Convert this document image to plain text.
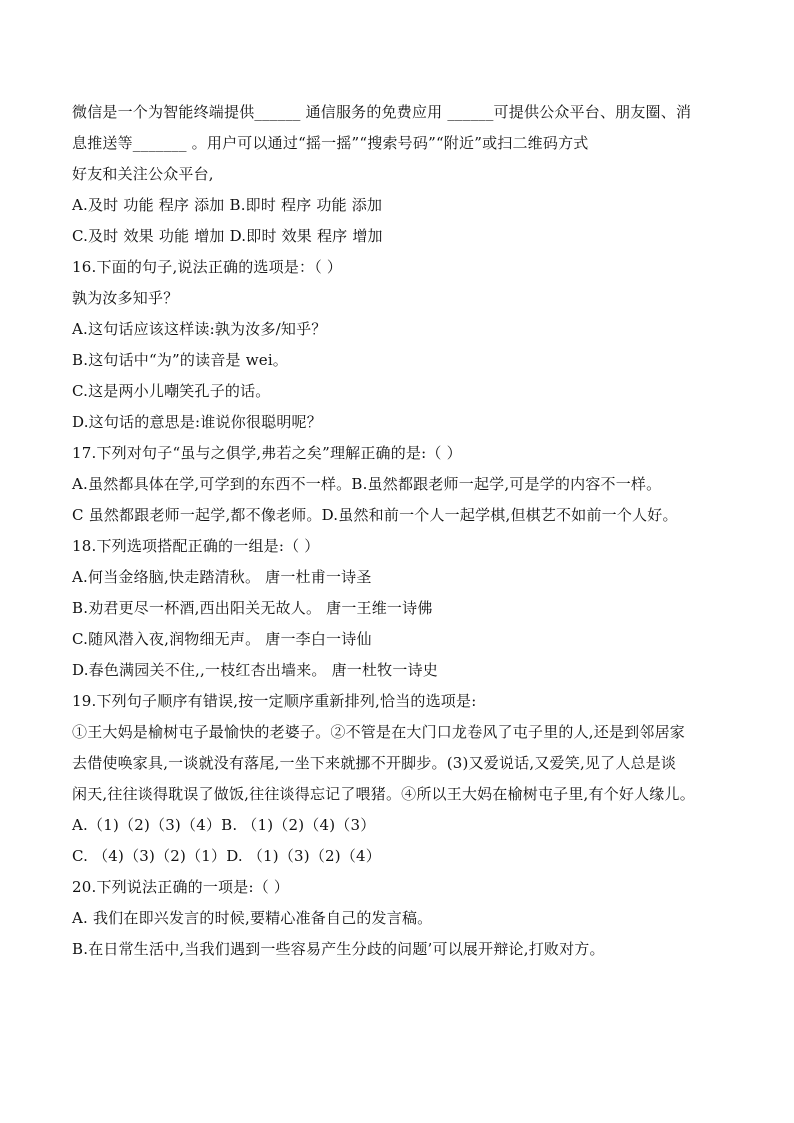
微信是一个为智能终端提供______ 通信服务的免费应用 ______可提供公众平台、朋友圈、消
息推送等_______ 。用户可以通过“摇一摇”“搜索号码”“附近”或扫二维码方式
好友和关注公众平台,
A.及时 功能 程序 添加 B.即时 程序 功能 添加
C.及时 效果 功能 增加 D.即时 效果 程序 增加
16.下面的句子,说法正确的选项是：（ ）
孰为汝多知乎？
A.这句话应该这样读:孰为汝多/知乎？
B.这句话中“为”的读音是 wei。
C.这是两小儿嘲笑孔子的话。
D.这句话的意思是:谁说你很聪明呢？
17.下列对句子“虽与之俱学,弗若之矣”理解正确的是:（ ）
A.虽然都具体在学,可学到的东西不一样。B.虽然都跟老师一起学,可是学的内容不一样。
C 虽然都跟老师一起学,都不像老师。D.虽然和前一个人一起学棋,但棋艺不如前一个人好。
18.下列选项搭配正确的一组是:（ ）
A.何当金络脑,快走踏清秋。 唐一杜甫一诗圣
B.劝君更尽一杯酒,西出阳关无故人。 唐一王维一诗佛
C.随风潜入夜,润物细无声。 唐一李白一诗仙
D.春色满园关不住,,一枝红杏出墙来。 唐一杜牧一诗史
19.下列句子顺序有错误,按一定顺序重新排列,恰当的选项是:
①王大妈是榆树屯子最愉快的老婆子。②不管是在大门口龙卷风了屯子里的人,还是到邻居家
去借使唤家具,一谈就没有落尾,一坐下来就挪不开脚步。(3)又爱说话,又爱笑,见了人总是谈
闲天,往往谈得耽误了做饭,往往谈得忘记了喂猪。④所以王大妈在榆树屯子里,有个好人缘儿。
A.（1)（2)（3)（4）B. （1)（2)（4)（3）
C. （4)（3)（2)（1）D. （1)（3)（2)（4）
20.下列说法正确的一项是:（ ）
A. 我们在即兴发言的时候,要精心准备自己的发言稿。
B.在日常生活中,当我们遇到一些容易产生分歧的问题’可以展开辩论,打败对方。
